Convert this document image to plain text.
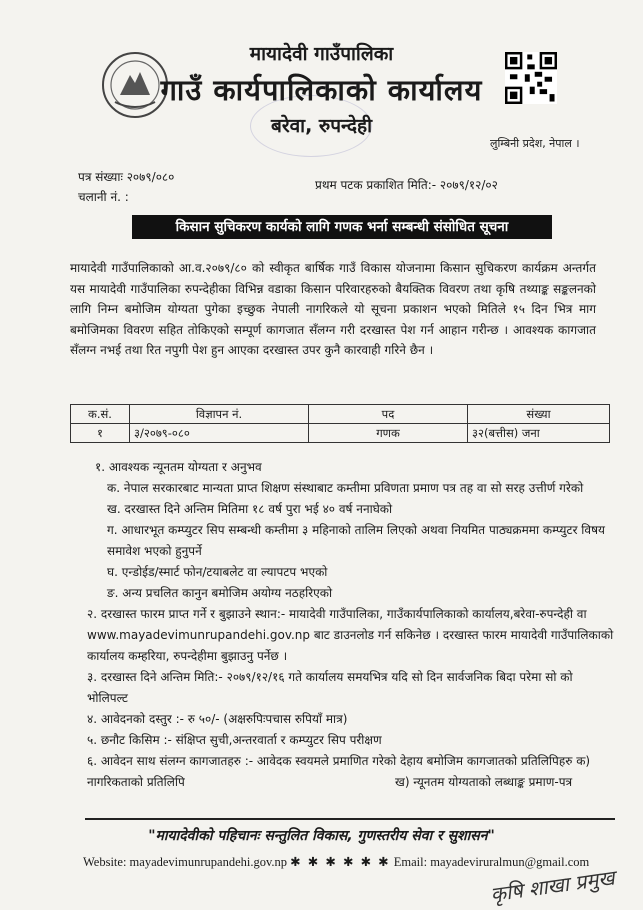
मायादेवी गाउँपालिका
गाउँ कार्यपालिकाको कार्यालय
बरेवा, रुपन्देही
लुम्बिनी प्रदेश, नेपाल ।
पत्र संख्याः २०७९/०८०
चलानी नं. :
प्रथम पटक प्रकाशित मिति:- २०७९/१२/०२
किसान सुचिकरण कार्यको लागि गणक भर्ना सम्बन्धी संसोधित सूचना
मायादेवी गाउँपालिकाको आ.व.२०७९/८० को स्वीकृत बार्षिक गाउँ विकास योजनामा किसान सुचिकरण कार्यक्रम अन्तर्गत यस मायादेवी गाउँपालिका रुपन्देहीका विभिन्न वडाका किसान परिवारहरुको बैयक्तिक विवरण तथा कृषि तथ्याङ्क सङ्कलनको लागि निम्न बमोजिम योग्यता पुगेका इच्छुक नेपाली नागरिकले यो सूचना प्रकाशन भएको मितिले १५ दिन भित्र माग बमोजिमका विवरण सहित तोकिएको सम्पूर्ण कागजात सँलग्न गरी दरखास्त पेश गर्न आहान गरीन्छ । आवश्यक कागजात सँलग्न नभई तथा रित नपुगी पेश हुन आएका दरखास्त उपर कुनै कारवाही गरिने छैन ।
क.सं.	विज्ञापन नं.	पद	संख्या
१	३/२०७९-०८०	गणक	३२(बत्तीस) जना
१. आवश्यक न्यूनतम योग्यता र अनुभव
क. नेपाल सरकारबाट मान्यता प्राप्त शिक्षण संस्थाबाट कम्तीमा प्रविणता प्रमाण पत्र तह वा सो सरह उत्तीर्ण गरेको
ख. दरखास्त दिने अन्तिम मितिमा १८ वर्ष पुरा भई ४० वर्ष ननाघेको
ग. आधारभूत कम्प्युटर सिप सम्बन्धी कम्तीमा ३ महिनाको तालिम लिएको अथवा नियमित पाठ्यक्रममा कम्प्युटर विषय समावेश भएको हुनुपर्ने
घ. एन्डोईड/स्मार्ट फोन/टयाबलेट वा ल्यापटप भएको
ङ. अन्य प्रचलित कानुन बमोजिम अयोग्य नठहरिएको
२. दरखास्त फारम प्राप्त गर्ने र बुझाउने स्थान:- मायादेवी गाउँपालिका, गाउँकार्यपालिकाको कार्यालय,बरेवा-रुपन्देही वा www.mayadevimunrupandehi.gov.np बाट डाउनलोड गर्न सकिनेछ । दरखास्त फारम मायादेवी गाउँपालिकाको कार्यालय कम्हरिया, रुपन्देहीमा बुझाउनु पर्नेछ ।
३. दरखास्त दिने अन्तिम मिति:- २०७९/१२/१६ गते कार्यालय समयभित्र यदि सो दिन सार्वजनिक बिदा परेमा सो को भोलिपल्ट
४. आवेदनको दस्तुर :- रु ५०/- (अक्षरुपिःपचास रुपियाँ मात्र)
५. छनौट किसिम :- संक्षिप्त सुची,अन्तरवार्ता र कम्प्युटर सिप परीक्षण
६. आवेदन साथ संलग्न कागजातहरु :- आवेदक स्वयमले प्रमाणित गरेको देहाय बमोजिम कागजातको प्रतिलिपिहरु क) नागरिकताको प्रतिलिपि	ख) न्यूनतम योग्यताको लब्धाङ्क प्रमाण-पत्र
"मायादेवीको पहिचानः सन्तुलित विकास, गुणस्तरीय सेवा र सुशासन"
Website: mayadevimunrupandehi.gov.np ✱ ✱ ✱ ✱ ✱ ✱ Email: mayadeviruralmun@gmail.com
कृषि शाखा प्रमुख
